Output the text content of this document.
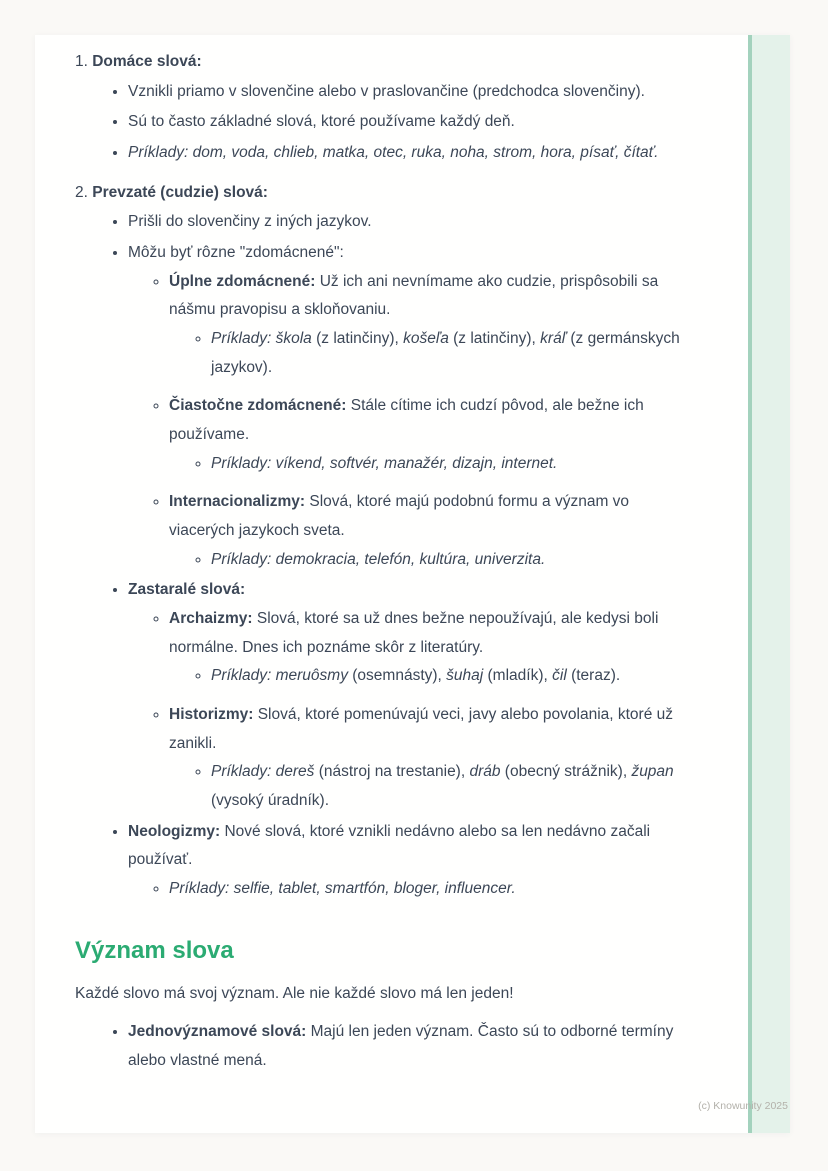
1. Domáce slová:
• Vznikli priamo v slovenčine alebo v praslovančine (predchodca slovenčiny).
• Sú to často základné slová, ktoré používame každý deň.
• Príklady: dom, voda, chlieb, matka, otec, ruka, noha, strom, hora, písať, čítať.
2. Prevzaté (cudzie) slová:
• Prišli do slovenčiny z iných jazykov.
• Môžu byť rôzne "zdomácnené":
◦ Úplne zdomácnené: Už ich ani nevnímame ako cudzie, prispôsobili sa nášmu pravopisu a skloňovaniu.
◦ Príklady: škola (z latinčiny), košeľa (z latinčiny), kráľ (z germánskych jazykov).
◦ Čiastočne zdomácnené: Stále cítime ich cudzí pôvod, ale bežne ich používame.
◦ Príklady: víkend, softvér, manažér, dizajn, internet.
◦ Internacionalizmy: Slová, ktoré majú podobnú formu a význam vo viacerých jazykoch sveta.
◦ Príklady: demokracia, telefón, kultúra, univerzita.
• Zastaralé slová:
◦ Archaizmy: Slová, ktoré sa už dnes bežne nepoužívajú, ale kedysi boli normálne. Dnes ich poznáme skôr z literatúry.
◦ Príklady: meruôsmy (osemnásty), šuhaj (mladík), čil (teraz).
◦ Historizmy: Slová, ktoré pomenúvajú veci, javy alebo povolania, ktoré už zanikli.
◦ Príklady: dereš (nástroj na trestanie), dráb (obecný strážnik), župan (vysoký úradník).
• Neologizmy: Nové slová, ktoré vznikli nedávno alebo sa len nedávno začali používať.
◦ Príklady: selfie, tablet, smartfón, bloger, influencer.
Význam slova

Každé slovo má svoj význam. Ale nie každé slovo má len jeden!

• Jednovýznamové slová: Majú len jeden význam. Často sú to odborné termíny alebo vlastné mená.
(c) Knowunity 2025
